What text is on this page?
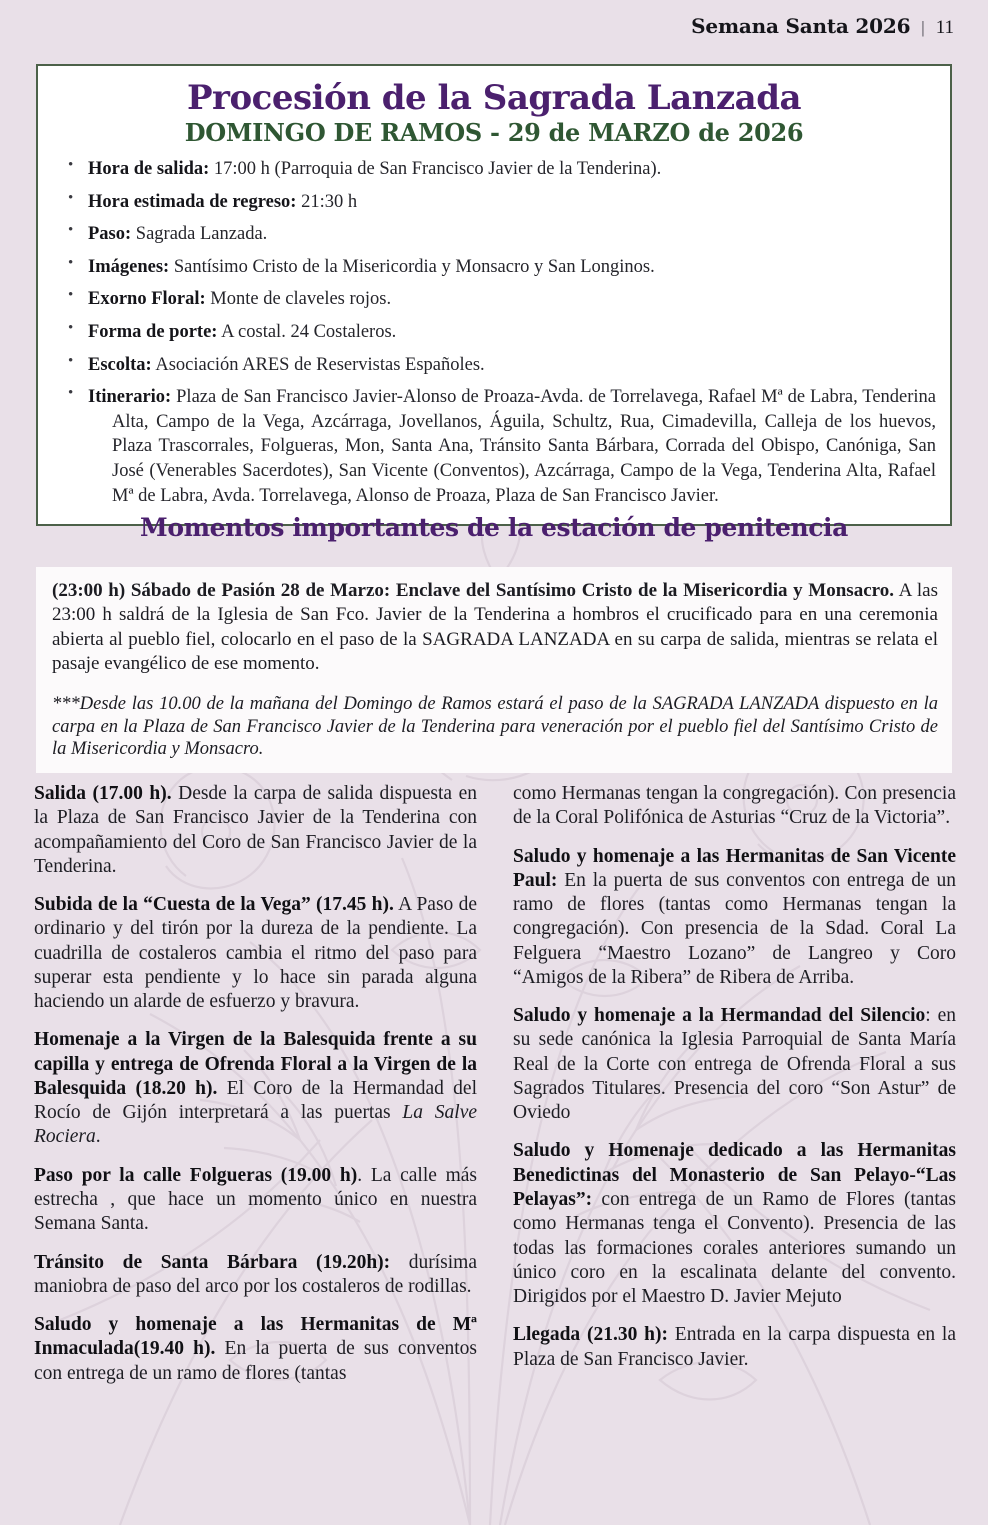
Semana Santa 2026 | 11
Procesión de la Sagrada Lanzada
DOMINGO DE RAMOS - 29 de MARZO de 2026
• Hora de salida: 17:00 h (Parroquia de San Francisco Javier de la Tenderina).
• Hora estimada de regreso: 21:30 h
• Paso: Sagrada Lanzada.
• Imágenes: Santísimo Cristo de la Misericordia y Monsacro y San Longinos.
• Exorno Floral: Monte de claveles rojos.
• Forma de porte: A costal. 24 Costaleros.
• Escolta: Asociación ARES de Reservistas Españoles.
• Itinerario: Plaza de San Francisco Javier-Alonso de Proaza-Avda. de Torrelavega, Rafael Mª de Labra, Tenderina Alta, Campo de la Vega, Azcárraga, Jovellanos, Águila, Schultz, Rua, Cimadevilla, Calleja de los huevos, Plaza Trascorrales, Folgueras, Mon, Santa Ana, Tránsito Santa Bárbara, Corrada del Obispo, Canóniga, San José (Venerables Sacerdotes), San Vicente (Conventos), Azcárraga, Campo de la Vega, Tenderina Alta, Rafael Mª de Labra, Avda. Torrelavega, Alonso de Proaza, Plaza de San Francisco Javier.
Momentos importantes de la estación de penitencia

(23:00 h) Sábado de Pasión 28 de Marzo: Enclave del Santísimo Cristo de la Misericordia y Monsacro. A las 23:00 h saldrá de la Iglesia de San Fco. Javier de la Tenderina a hombros el crucificado para en una ceremonia abierta al pueblo fiel, colocarlo en el paso de la SAGRADA LANZADA en su carpa de salida, mientras se relata el pasaje evangélico de ese momento.

***Desde las 10.00 de la mañana del Domingo de Ramos estará el paso de la SAGRADA LANZADA dispuesto en la carpa en la Plaza de San Francisco Javier de la Tenderina para veneración por el pueblo fiel del Santísimo Cristo de la Misericordia y Monsacro.

Salida (17.00 h). Desde la carpa de salida dispuesta en la Plaza de San Francisco Javier de la Tenderina con acompañamiento del Coro de San Francisco Javier de la Tenderina.

Subida de la “Cuesta de la Vega” (17.45 h). A Paso de ordinario y del tirón por la dureza de la pendiente. La cuadrilla de costaleros cambia el ritmo del paso para superar esta pendiente y lo hace sin parada alguna haciendo un alarde de esfuerzo y bravura.

Homenaje a la Virgen de la Balesquida frente a su capilla y entrega de Ofrenda Floral a la Virgen de la Balesquida (18.20 h). El Coro de la Hermandad del Rocío de Gijón interpretará a las puertas La Salve Rociera.

Paso por la calle Folgueras (19.00 h). La calle más estrecha , que hace un momento único en nuestra Semana Santa.

Tránsito de Santa Bárbara (19.20h): durísima maniobra de paso del arco por los costaleros de rodillas.

Saludo y homenaje a las Hermanitas de Mª Inmaculada(19.40 h). En la puerta de sus conventos con entrega de un ramo de flores (tantas

como Hermanas tengan la congregación). Con presencia de la Coral Polifónica de Asturias “Cruz de la Victoria”.

Saludo y homenaje a las Hermanitas de San Vicente Paul: En la puerta de sus conventos con entrega de un ramo de flores (tantas como Hermanas tengan la congregación). Con presencia de la Sdad. Coral La Felguera “Maestro Lozano” de Langreo y Coro “Amigos de la Ribera” de Ribera de Arriba.

Saludo y homenaje a la Hermandad del Silencio: en su sede canónica la Iglesia Parroquial de Santa María Real de la Corte con entrega de Ofrenda Floral a sus Sagrados Titulares. Presencia del coro “Son Astur” de Oviedo

Saludo y Homenaje dedicado a las Hermanitas Benedictinas del Monasterio de San Pelayo-“Las Pelayas”: con entrega de un Ramo de Flores (tantas como Hermanas tenga el Convento). Presencia de las todas las formaciones corales anteriores sumando un único coro en la escalinata delante del convento. Dirigidos por el Maestro D. Javier Mejuto

Llegada (21.30 h): Entrada en la carpa dispuesta en la Plaza de San Francisco Javier.
